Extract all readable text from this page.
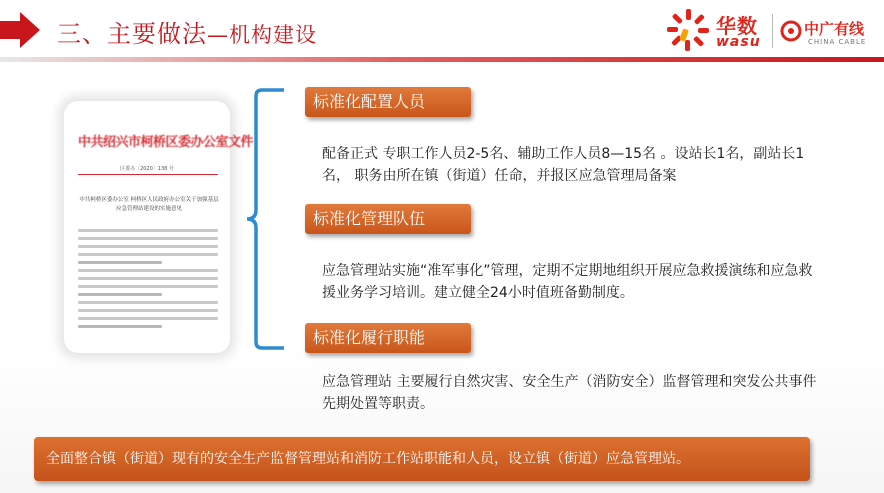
三、主要做法—机构建设	华数
wasu
中广有线
CHINA CABLE
中共绍兴市柯桥区委办公室文件
区委办〔2020〕138 号
中共柯桥区委办公室 柯桥区人民政府办公室关于加强基层应急管理站建设的实施意见
标准化配置人员
配备正式 专职工作人员2-5名、辅助工作人员8—15名 。设站长1名，副站长1名， 职务由所在镇（街道）任命，并报区应急管理局备案
标准化管理队伍
应急管理站实施“准军事化”管理，定期不定期地组织开展应急救援演练和应急救援业务学习培训。建立健全24小时值班备勤制度。
标准化履行职能
应急管理站 主要履行自然灾害、安全生产（消防安全）监督管理和突发公共事件先期处置等职责。
全面整合镇（街道）现有的安全生产监督管理站和消防工作站职能和人员，设立镇（街道）应急管理站。
